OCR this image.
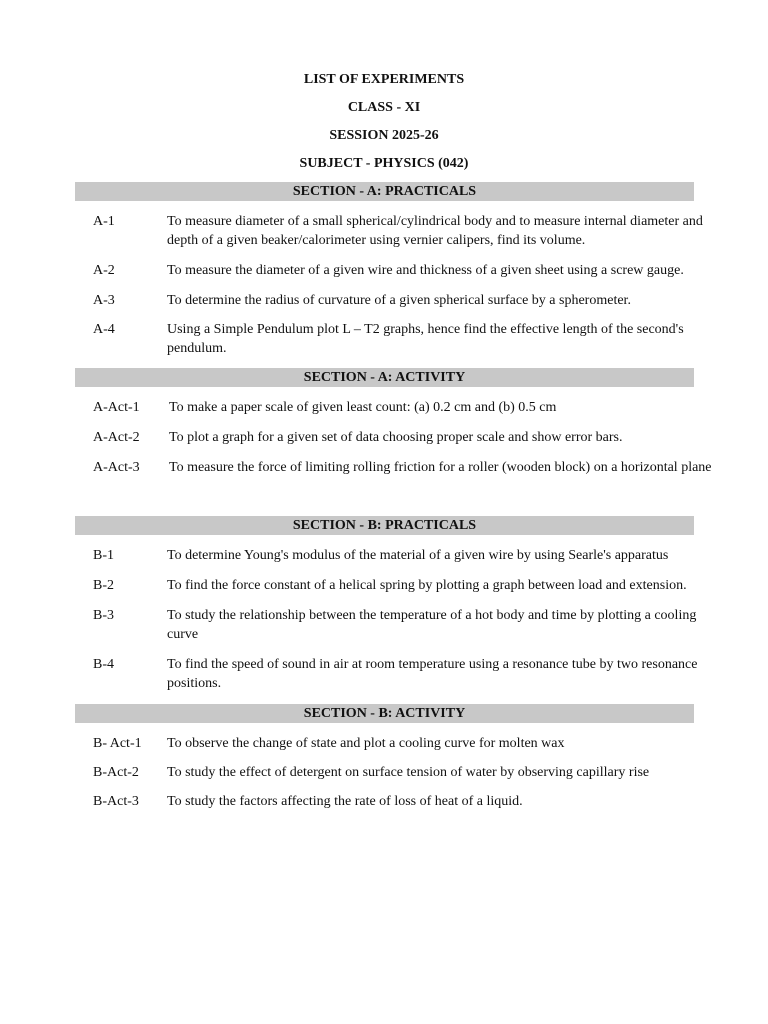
LIST OF EXPERIMENTS
CLASS - XI
SESSION 2025-26
SUBJECT - PHYSICS (042)
SECTION - A: PRACTICALS
A-1	To measure diameter of a small spherical/cylindrical body and to measure internal diameter and depth of a given beaker/calorimeter using vernier calipers, find its volume.
A-2	To measure the diameter of a given wire and thickness of a given sheet using a screw gauge.
A-3	To determine the radius of curvature of a given spherical surface by a spherometer.
A-4	Using a Simple Pendulum plot L – T2 graphs, hence find the effective length of the second's pendulum.
SECTION - A: ACTIVITY
A-Act-1 To make a paper scale of given least count: (a) 0.2 cm and (b) 0.5 cm
A-Act-2 To plot a graph for a given set of data choosing proper scale and show error bars.
A-Act-3 To measure the force of limiting rolling friction for a roller (wooden block) on a horizontal plane
SECTION - B: PRACTICALS
B-1	To determine Young's modulus of the material of a given wire by using Searle's apparatus
B-2	To find the force constant of a helical spring by plotting a graph between load and extension.
B-3	To study the relationship between the temperature of a hot body and time by plotting a cooling curve
B-4	To find the speed of sound in air at room temperature using a resonance tube by two resonance positions.
SECTION - B: ACTIVITY
B- Act-1 To observe the change of state and plot a cooling curve for molten wax
B-Act-2 To study the effect of detergent on surface tension of water by observing capillary rise
B-Act-3 To study the factors affecting the rate of loss of heat of a liquid.
